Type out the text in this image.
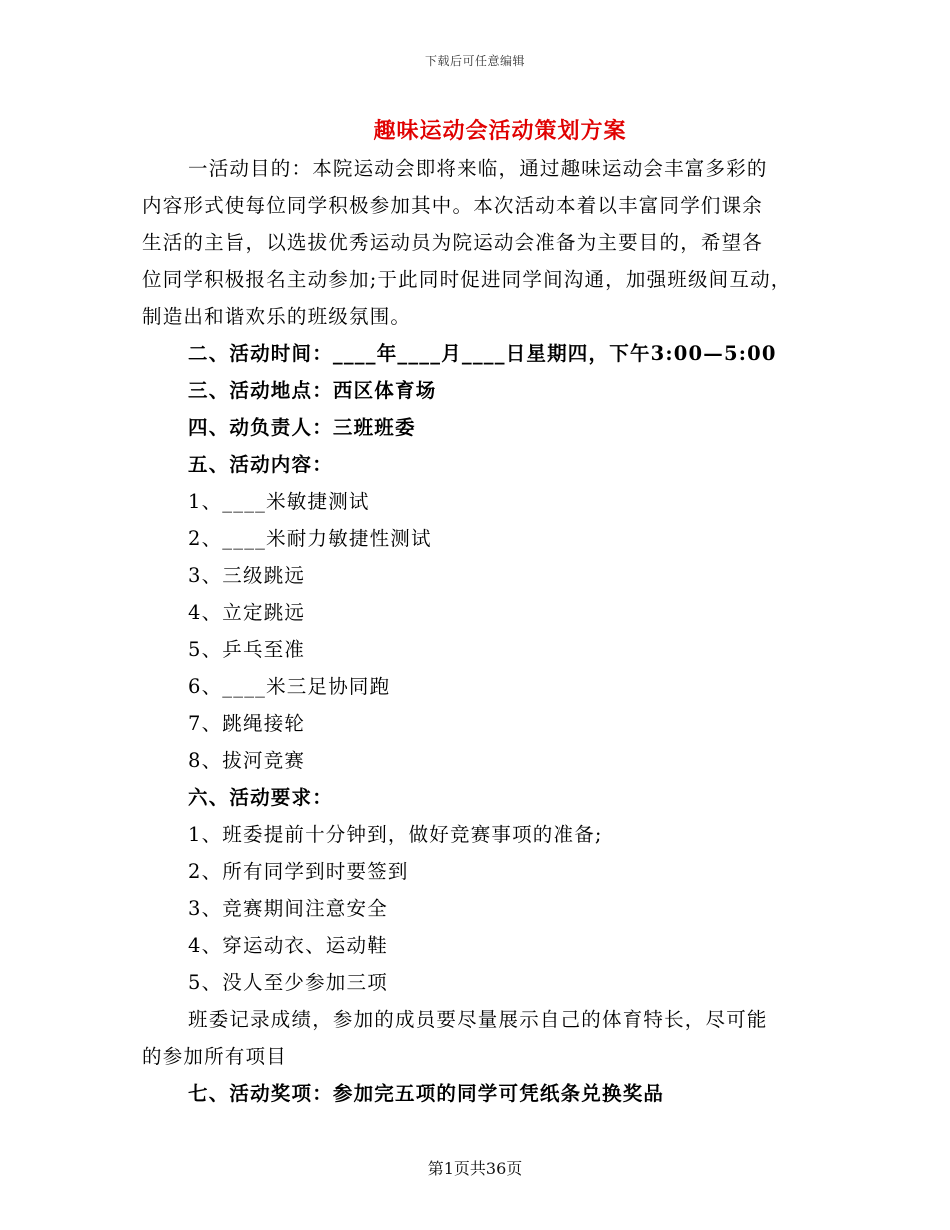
下载后可任意编辑
趣味运动会活动策划方案
一活动目的：本院运动会即将来临，通过趣味运动会丰富多彩的
内容形式使每位同学积极参加其中。本次活动本着以丰富同学们课余
生活的主旨，以选拔优秀运动员为院运动会准备为主要目的，希望各
位同学积极报名主动参加;于此同时促进同学间沟通，加强班级间互动，
制造出和谐欢乐的班级氛围。
二、活动时间：____年____月____日星期四，下午3:00—5:00
三、活动地点：西区体育场
四、动负责人：三班班委
五、活动内容：
1、____米敏捷测试
2、____米耐力敏捷性测试
3、三级跳远
4、立定跳远
5、乒乓至准
6、____米三足协同跑
7、跳绳接轮
8、拔河竞赛
六、活动要求：
1、班委提前十分钟到，做好竞赛事项的准备;
2、所有同学到时要签到
3、竞赛期间注意安全
4、穿运动衣、运动鞋
5、没人至少参加三项
班委记录成绩，参加的成员要尽量展示自己的体育特长，尽可能
的参加所有项目
七、活动奖项：参加完五项的同学可凭纸条兑换奖品
第1页共36页
